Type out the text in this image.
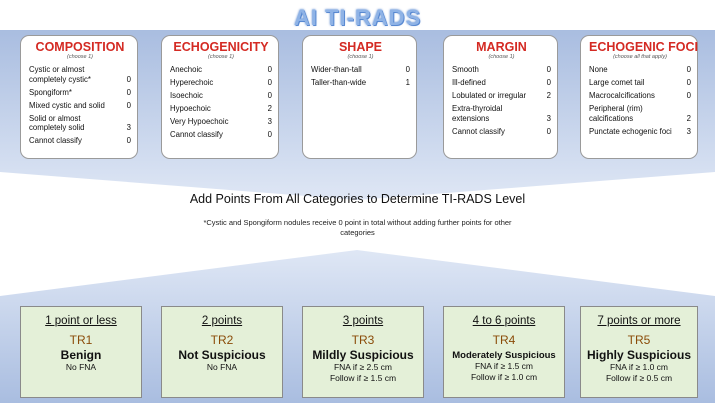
AI TI-RADS
COMPOSITION
(choose 1)
Cystic or almost completely cystic*	0
Spongiform*	0
Mixed cystic and solid	0
Solid or almost completely solid	3
Cannot classify	0
ECHOGENICITY
(choose 1)
Anechoic	0
Hyperechoic	0
Isoechoic	0
Hypoechoic	2
Very Hypoechoic	3
Cannot classify	0
SHAPE
(choose 1)
Wider-than-tall	0
Taller-than-wide	1
MARGIN
(choose 1)
Smooth	0
Ill-defined	0
Lobulated or irregular	2
Extra-thyroidal extensions	3
Cannot classify	0
ECHOGENIC FOCI
(choose all that apply)
None	0
Large comet tail	0
Macrocalcifications	0
Peripheral (rim) calcifications	2
Punctate echogenic foci	3
Add Points From All Categories to Determine TI-RADS Level
*Cystic and Spongiform nodules receive 0 point in total without adding further points for other categories
1 point or less
TR1
Benign
No FNA
2 points
TR2
Not Suspicious
No FNA
3 points
TR3
Mildly Suspicious
FNA if ≥ 2.5 cm
Follow if ≥ 1.5 cm
4 to 6 points
TR4
Moderately Suspicious
FNA if ≥ 1.5 cm
Follow if ≥ 1.0 cm
7 points or more
TR5
Highly Suspicious
FNA if ≥ 1.0 cm
Follow if ≥ 0.5 cm
